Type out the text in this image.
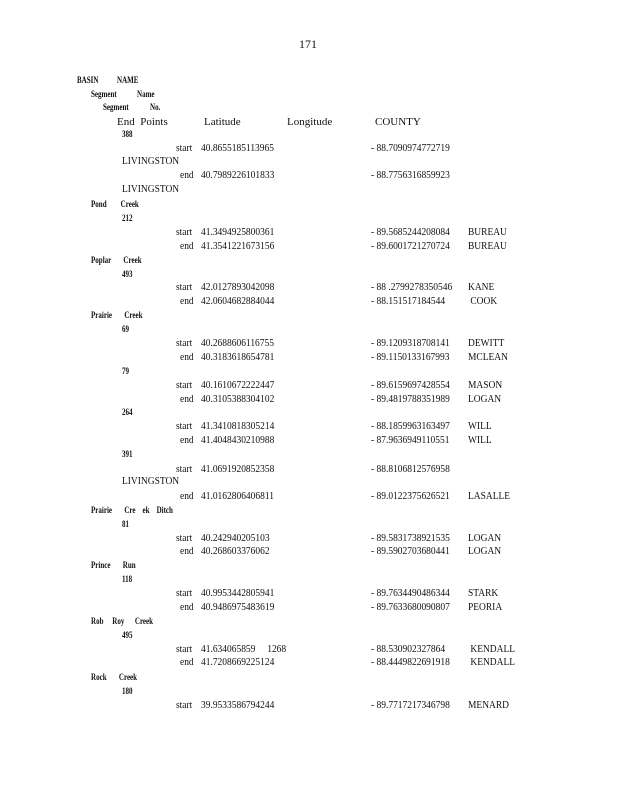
171
BASIN NAME
Segment Name
Segment No.
End  Points	Latitude	Longitude	COUNTY
388
start 40.8655185113965	- 88.7090974772719
LIVINGSTON
end 40.7989226101833	- 88.7756316859923
LIVINGSTON
Pond        Creek
212
start 41.3494925800361	- 89.5685244208084 BUREAU
end 41.3541221673156	- 89.6001721270724 BUREAU
Poplar       Creek
493
start 42.0127893042098	- 88 .2799278350546 KANE
end 42.0604682884044	- 88.151517184544 COOK
Prairie       Creek
69
start 40.2688606116755	- 89.1209318708141 DEWITT
end 40.3183618654781	- 89.1150133167993 MCLEAN
79
start 40.1610672222447	- 89.6159697428554 MASON
end 40.3105388304102	- 89.4819788351989 LOGAN
264
start 41.3410818305214	- 88.1859963163497 WILL
end 41.4048430210988	- 87.9636949110551 WILL
391
start 41.0691920852358	- 88.8106812576958
LIVINGSTON
end 41.0162806406811	- 89.0122375626521 LASALLE
Prairie       Cre    ek    Ditch
81
start 40.242940205103	- 89.5831738921535 LOGAN
end 40.268603376062	- 89.5902703680441 LOGAN
Prince       Run
118
start 40.9953442805941	- 89.7634490486344 STARK
end 40.9486975483619	- 89.7633680090807 PEORIA
Rob     Roy      Creek
495
start 41.634065859     1268	- 88.530902327864 KENDALL
end 41.7208669225124	- 88.4449822691918 KENDALL
Rock       Creek
180
start 39.9533586794244	- 89.7717217346798 MENARD
